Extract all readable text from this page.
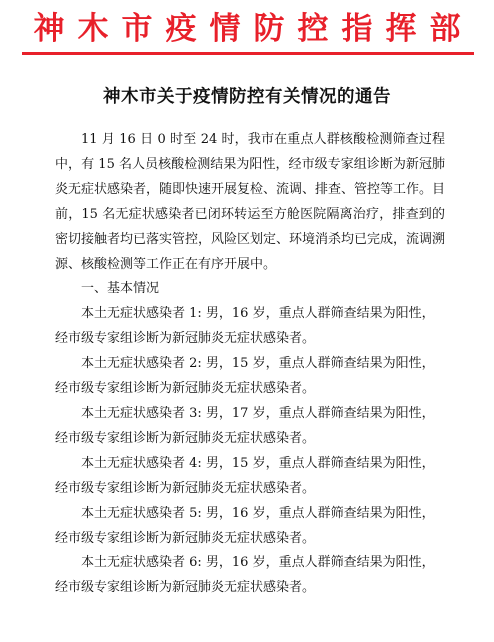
神木市疫情防控指挥部
神木市关于疫情防控有关情况的通告

11 月 16 日 0 时至 24 时，我市在重点人群核酸检测筛查过程中，有 15 名人员核酸检测结果为阳性，经市级专家组诊断为新冠肺炎无症状感染者，随即快速开展复检、流调、排查、管控等工作。目前，15 名无症状感染者已闭环转运至方舱医院隔离治疗，排查到的密切接触者均已落实管控，风险区划定、环境消杀均已完成，流调溯源、核酸检测等工作正在有序开展中。

一、基本情况

本土无症状感染者 1: 男，16 岁，重点人群筛查结果为阳性，经市级专家组诊断为新冠肺炎无症状感染者。

本土无症状感染者 2: 男，15 岁，重点人群筛查结果为阳性，经市级专家组诊断为新冠肺炎无症状感染者。

本土无症状感染者 3: 男，17 岁，重点人群筛查结果为阳性，经市级专家组诊断为新冠肺炎无症状感染者。

本土无症状感染者 4: 男，15 岁，重点人群筛查结果为阳性，经市级专家组诊断为新冠肺炎无症状感染者。

本土无症状感染者 5: 男，16 岁，重点人群筛查结果为阳性，经市级专家组诊断为新冠肺炎无症状感染者。

本土无症状感染者 6: 男，16 岁，重点人群筛查结果为阳性，经市级专家组诊断为新冠肺炎无症状感染者。
